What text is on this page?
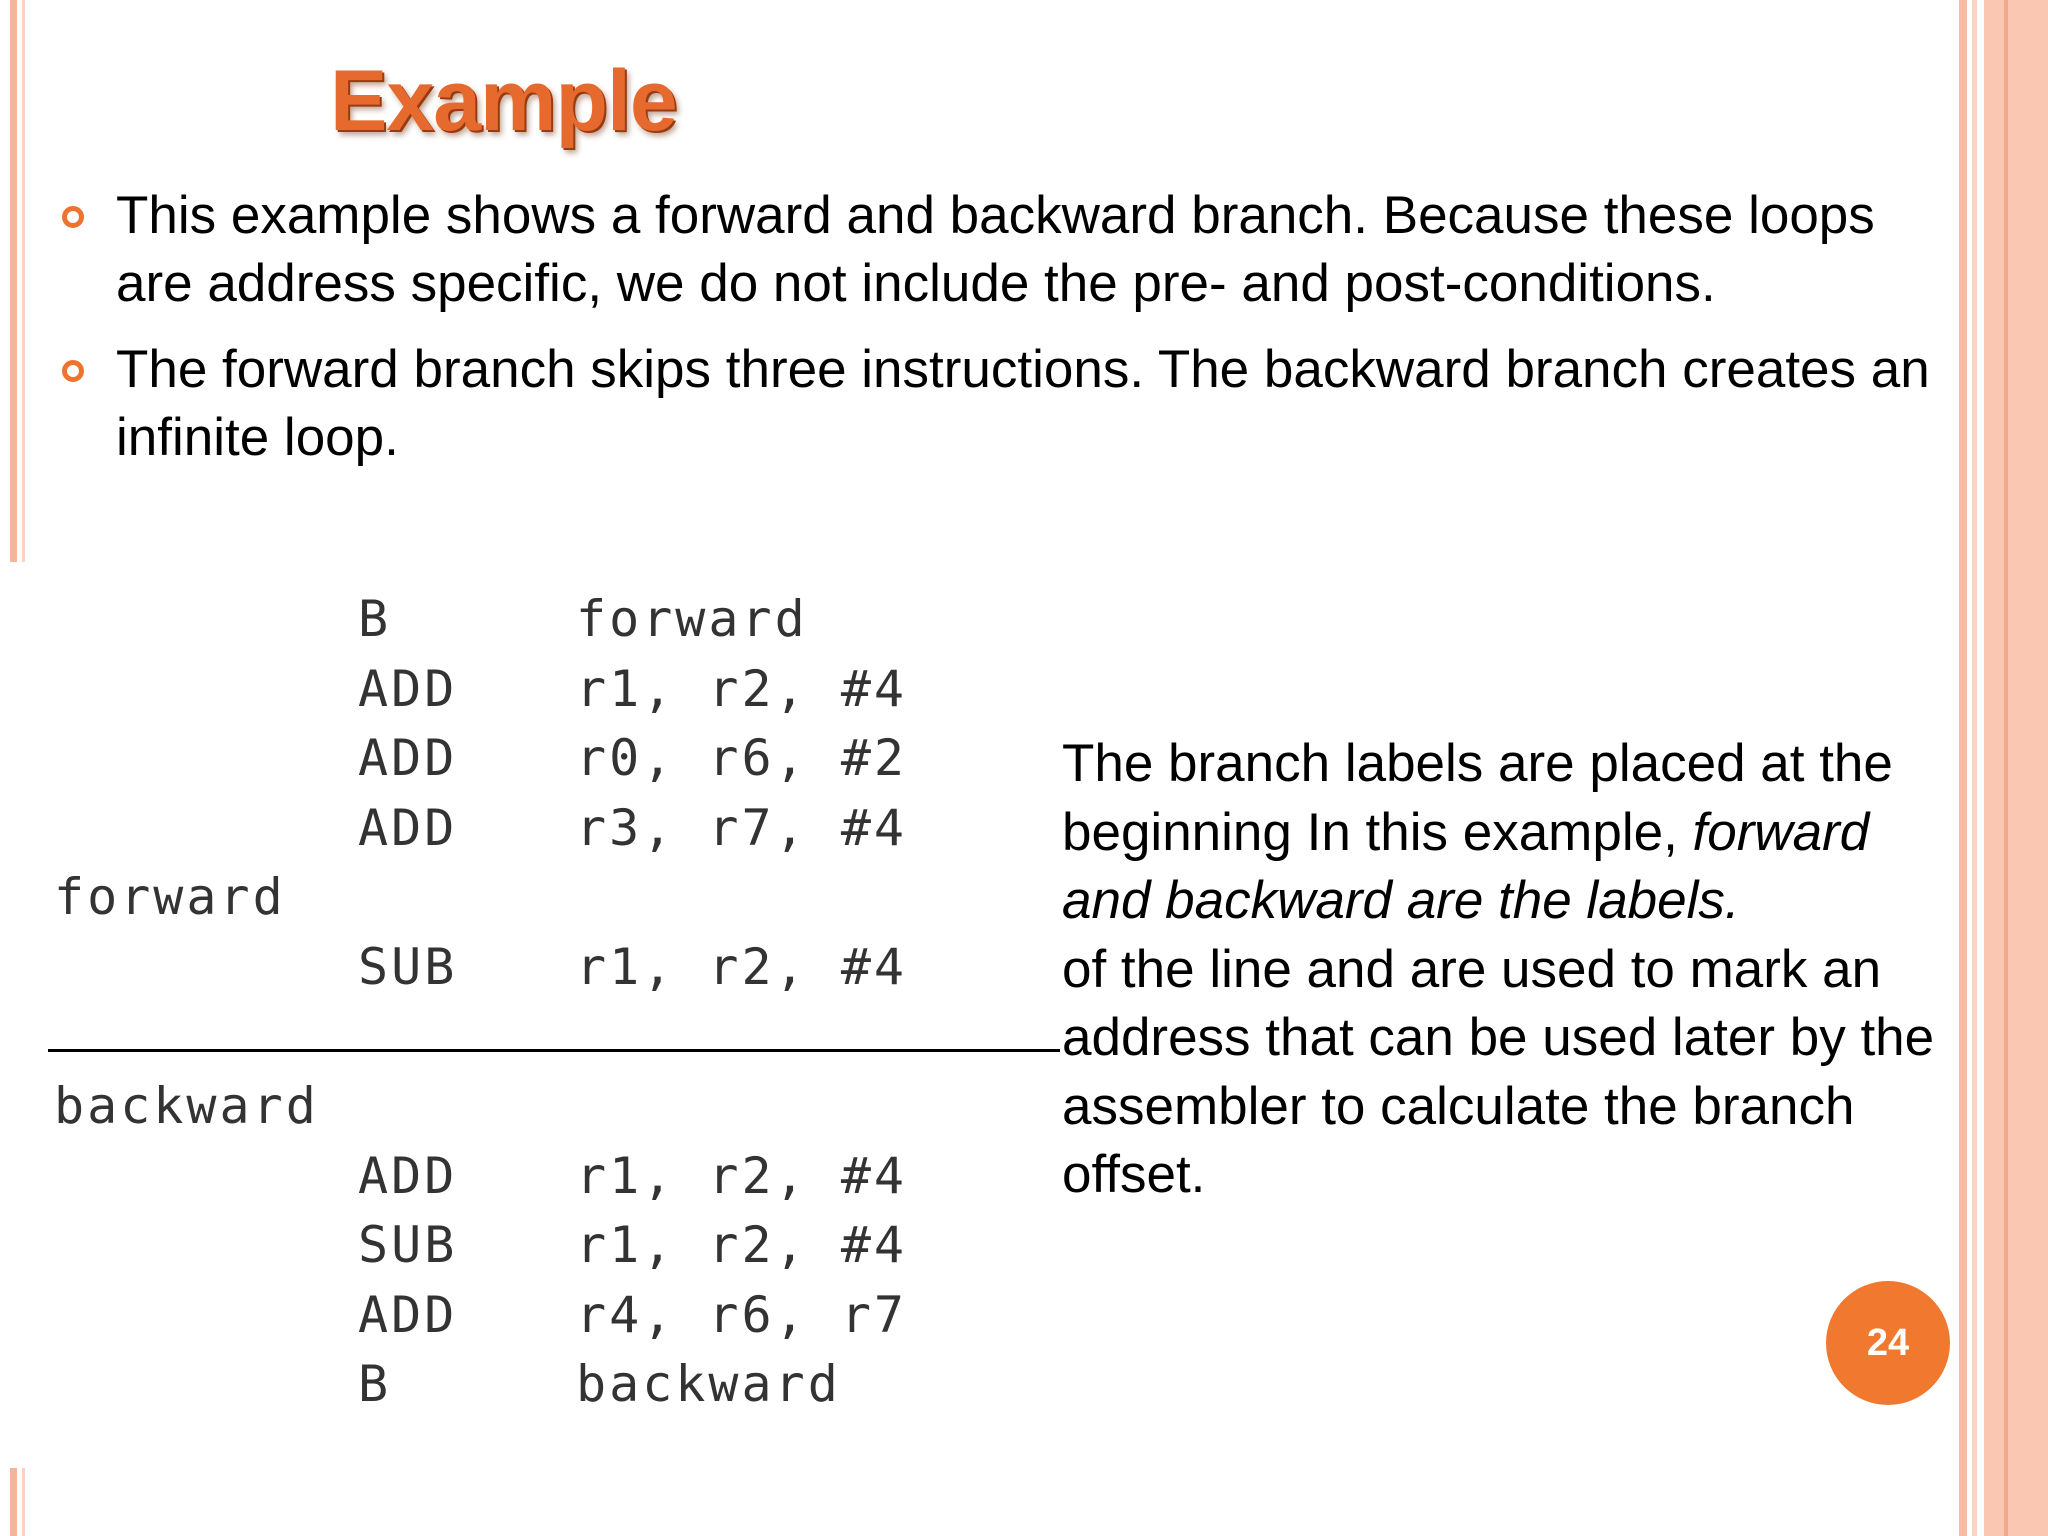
Example
This example shows a forward and backward branch. Because these loops are address specific, we do not include the pre- and post-conditions.
The forward branch skips three instructions. The backward branch creates an infinite loop.
B	forward
ADD r1, r2, #4
ADD r0, r6, #2
ADD r3, r7, #4
forward
SUB r1, r2, #4
backward
ADD r1, r2, #4
SUB r1, r2, #4
ADD r4, r6, r7
B	backward
The branch labels are placed at the beginning In this example, forward and backward are the labels.
of the line and are used to mark an address that can be used later by the assembler to calculate the branch offset.
24
